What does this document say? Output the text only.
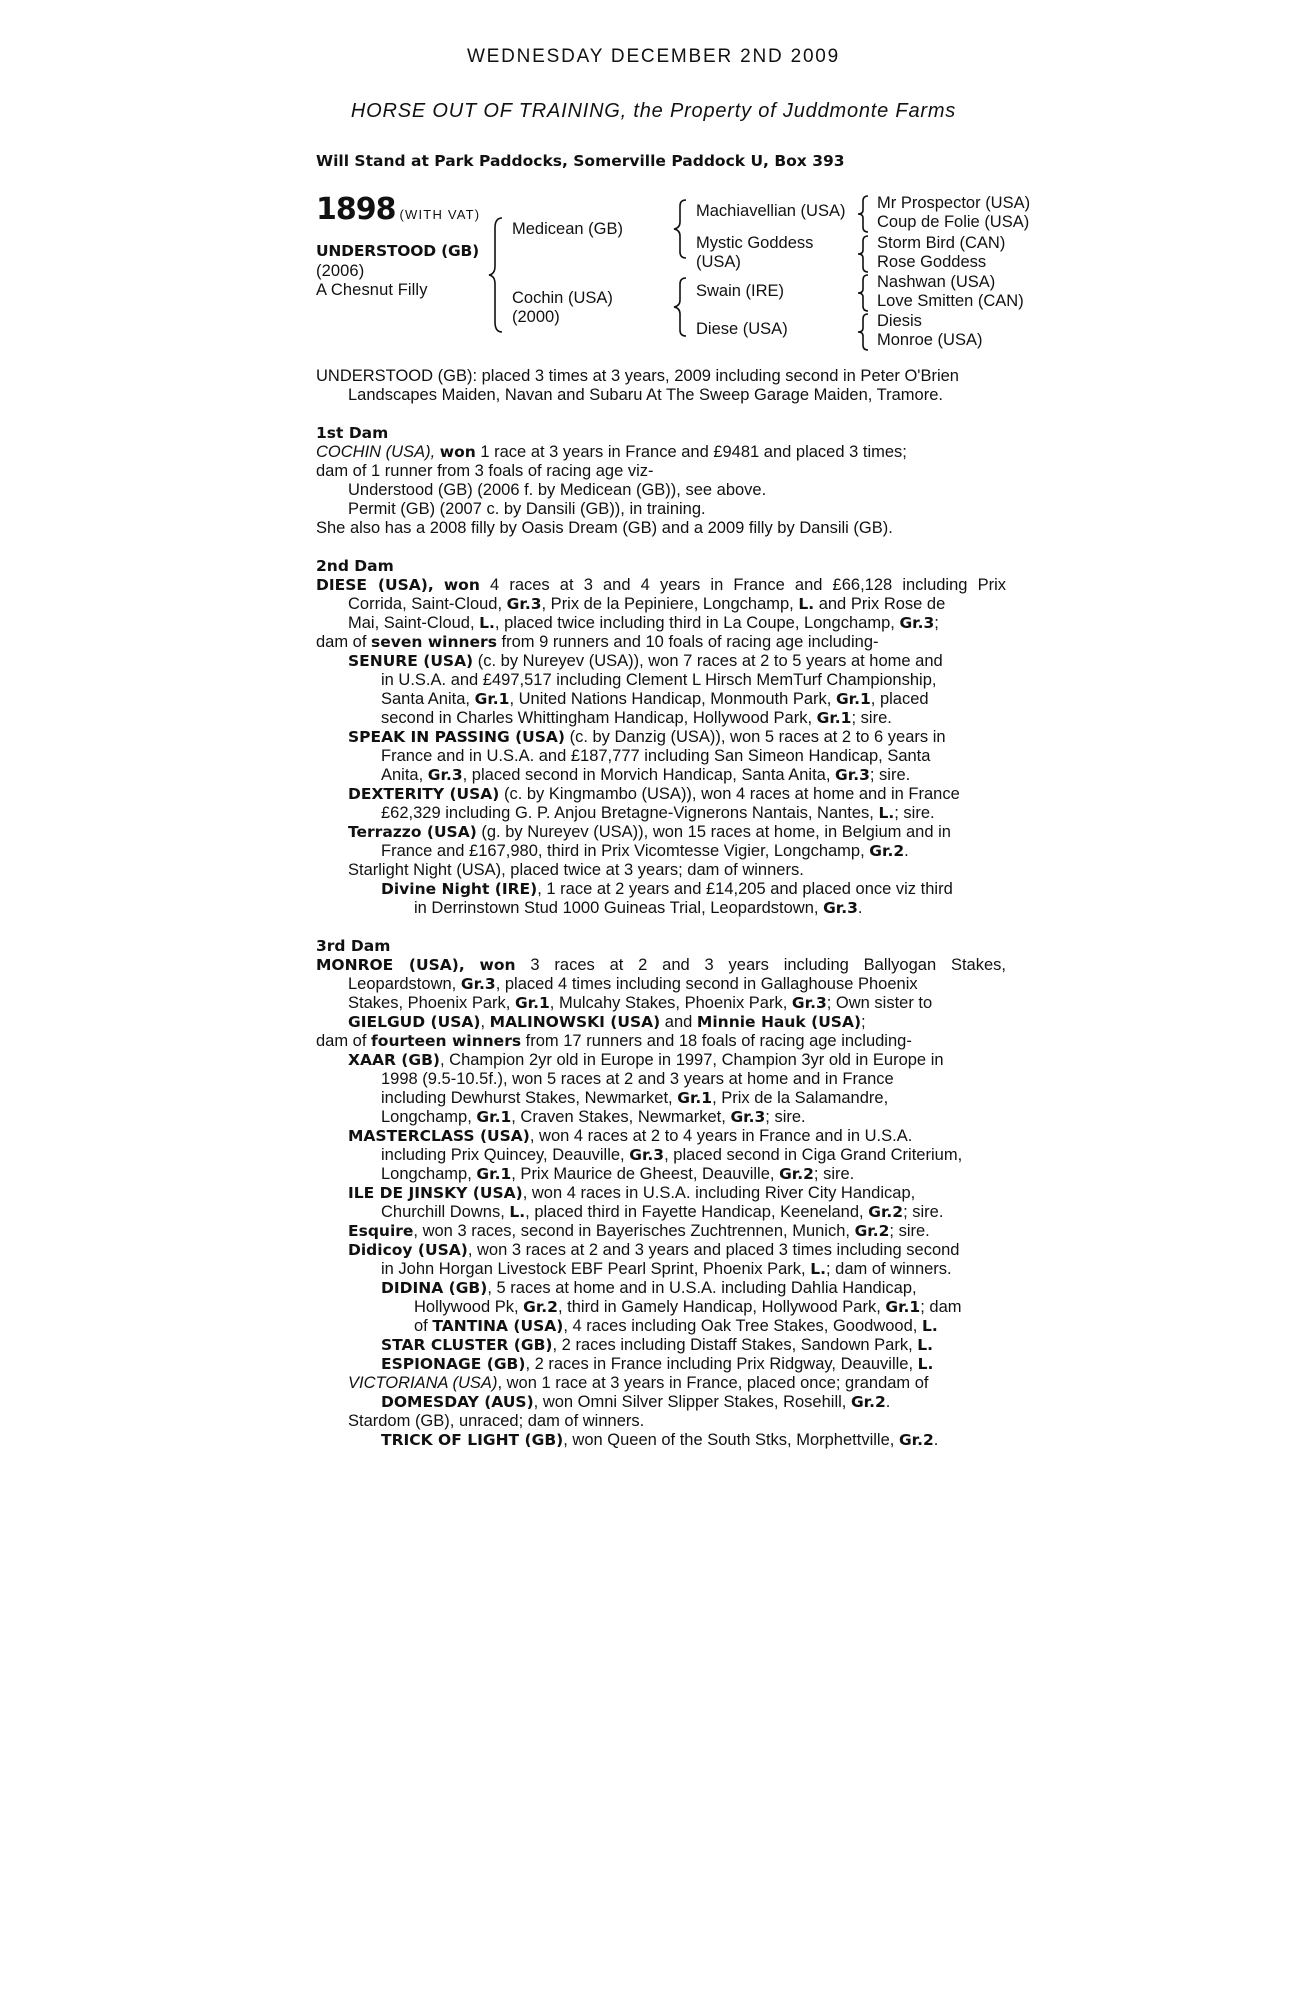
WEDNESDAY DECEMBER 2ND 2009
HORSE OUT OF TRAINING, the Property of Juddmonte Farms
Will Stand at Park Paddocks, Somerville Paddock U, Box 393
1898 (WITH VAT)
UNDERSTOOD (GB)
(2006)
A Chesnut Filly
Medicean (GB)
Cochin (USA)
(2000)
Machiavellian (USA)
Mystic Goddess
(USA)
Swain (IRE)
Diese (USA)
Mr Prospector (USA)
Coup de Folie (USA)
Storm Bird (CAN)
Rose Goddess
Nashwan (USA)
Love Smitten (CAN)
Diesis
Monroe (USA)
UNDERSTOOD (GB): placed 3 times at 3 years, 2009 including second in Peter O'Brien
Landscapes Maiden, Navan and Subaru At The Sweep Garage Maiden, Tramore.
1st Dam
COCHIN (USA), won 1 race at 3 years in France and £9481 and placed 3 times;
dam of 1 runner from 3 foals of racing age viz-
Understood (GB) (2006 f. by Medicean (GB)), see above.
Permit (GB) (2007 c. by Dansili (GB)), in training.
She also has a 2008 filly by Oasis Dream (GB) and a 2009 filly by Dansili (GB).
2nd Dam
DIESE (USA), won 4 races at 3 and 4 years in France and £66,128 including Prix
Corrida, Saint-Cloud, Gr.3, Prix de la Pepiniere, Longchamp, L. and Prix Rose de
Mai, Saint-Cloud, L., placed twice including third in La Coupe, Longchamp, Gr.3;
dam of seven winners from 9 runners and 10 foals of racing age including-
SENURE (USA) (c. by Nureyev (USA)), won 7 races at 2 to 5 years at home and
in U.S.A. and £497,517 including Clement L Hirsch MemTurf Championship,
Santa Anita, Gr.1, United Nations Handicap, Monmouth Park, Gr.1, placed
second in Charles Whittingham Handicap, Hollywood Park, Gr.1; sire.
SPEAK IN PASSING (USA) (c. by Danzig (USA)), won 5 races at 2 to 6 years in
France and in U.S.A. and £187,777 including San Simeon Handicap, Santa
Anita, Gr.3, placed second in Morvich Handicap, Santa Anita, Gr.3; sire.
DEXTERITY (USA) (c. by Kingmambo (USA)), won 4 races at home and in France
£62,329 including G. P. Anjou Bretagne-Vignerons Nantais, Nantes, L.; sire.
Terrazzo (USA) (g. by Nureyev (USA)), won 15 races at home, in Belgium and in
France and £167,980, third in Prix Vicomtesse Vigier, Longchamp, Gr.2.
Starlight Night (USA), placed twice at 3 years; dam of winners.
Divine Night (IRE), 1 race at 2 years and £14,205 and placed once viz third
in Derrinstown Stud 1000 Guineas Trial, Leopardstown, Gr.3.
3rd Dam
MONROE (USA), won 3 races at 2 and 3 years including Ballyogan Stakes,
Leopardstown, Gr.3, placed 4 times including second in Gallaghouse Phoenix
Stakes, Phoenix Park, Gr.1, Mulcahy Stakes, Phoenix Park, Gr.3; Own sister to
GIELGUD (USA), MALINOWSKI (USA) and Minnie Hauk (USA);
dam of fourteen winners from 17 runners and 18 foals of racing age including-
XAAR (GB), Champion 2yr old in Europe in 1997, Champion 3yr old in Europe in
1998 (9.5-10.5f.), won 5 races at 2 and 3 years at home and in France
including Dewhurst Stakes, Newmarket, Gr.1, Prix de la Salamandre,
Longchamp, Gr.1, Craven Stakes, Newmarket, Gr.3; sire.
MASTERCLASS (USA), won 4 races at 2 to 4 years in France and in U.S.A.
including Prix Quincey, Deauville, Gr.3, placed second in Ciga Grand Criterium,
Longchamp, Gr.1, Prix Maurice de Gheest, Deauville, Gr.2; sire.
ILE DE JINSKY (USA), won 4 races in U.S.A. including River City Handicap,
Churchill Downs, L., placed third in Fayette Handicap, Keeneland, Gr.2; sire.
Esquire, won 3 races, second in Bayerisches Zuchtrennen, Munich, Gr.2; sire.
Didicoy (USA), won 3 races at 2 and 3 years and placed 3 times including second
in John Horgan Livestock EBF Pearl Sprint, Phoenix Park, L.; dam of winners.
DIDINA (GB), 5 races at home and in U.S.A. including Dahlia Handicap,
Hollywood Pk, Gr.2, third in Gamely Handicap, Hollywood Park, Gr.1; dam
of TANTINA (USA), 4 races including Oak Tree Stakes, Goodwood, L.
STAR CLUSTER (GB), 2 races including Distaff Stakes, Sandown Park, L.
ESPIONAGE (GB), 2 races in France including Prix Ridgway, Deauville, L.
VICTORIANA (USA), won 1 race at 3 years in France, placed once; grandam of
DOMESDAY (AUS), won Omni Silver Slipper Stakes, Rosehill, Gr.2.
Stardom (GB), unraced; dam of winners.
TRICK OF LIGHT (GB), won Queen of the South Stks, Morphettville, Gr.2.
